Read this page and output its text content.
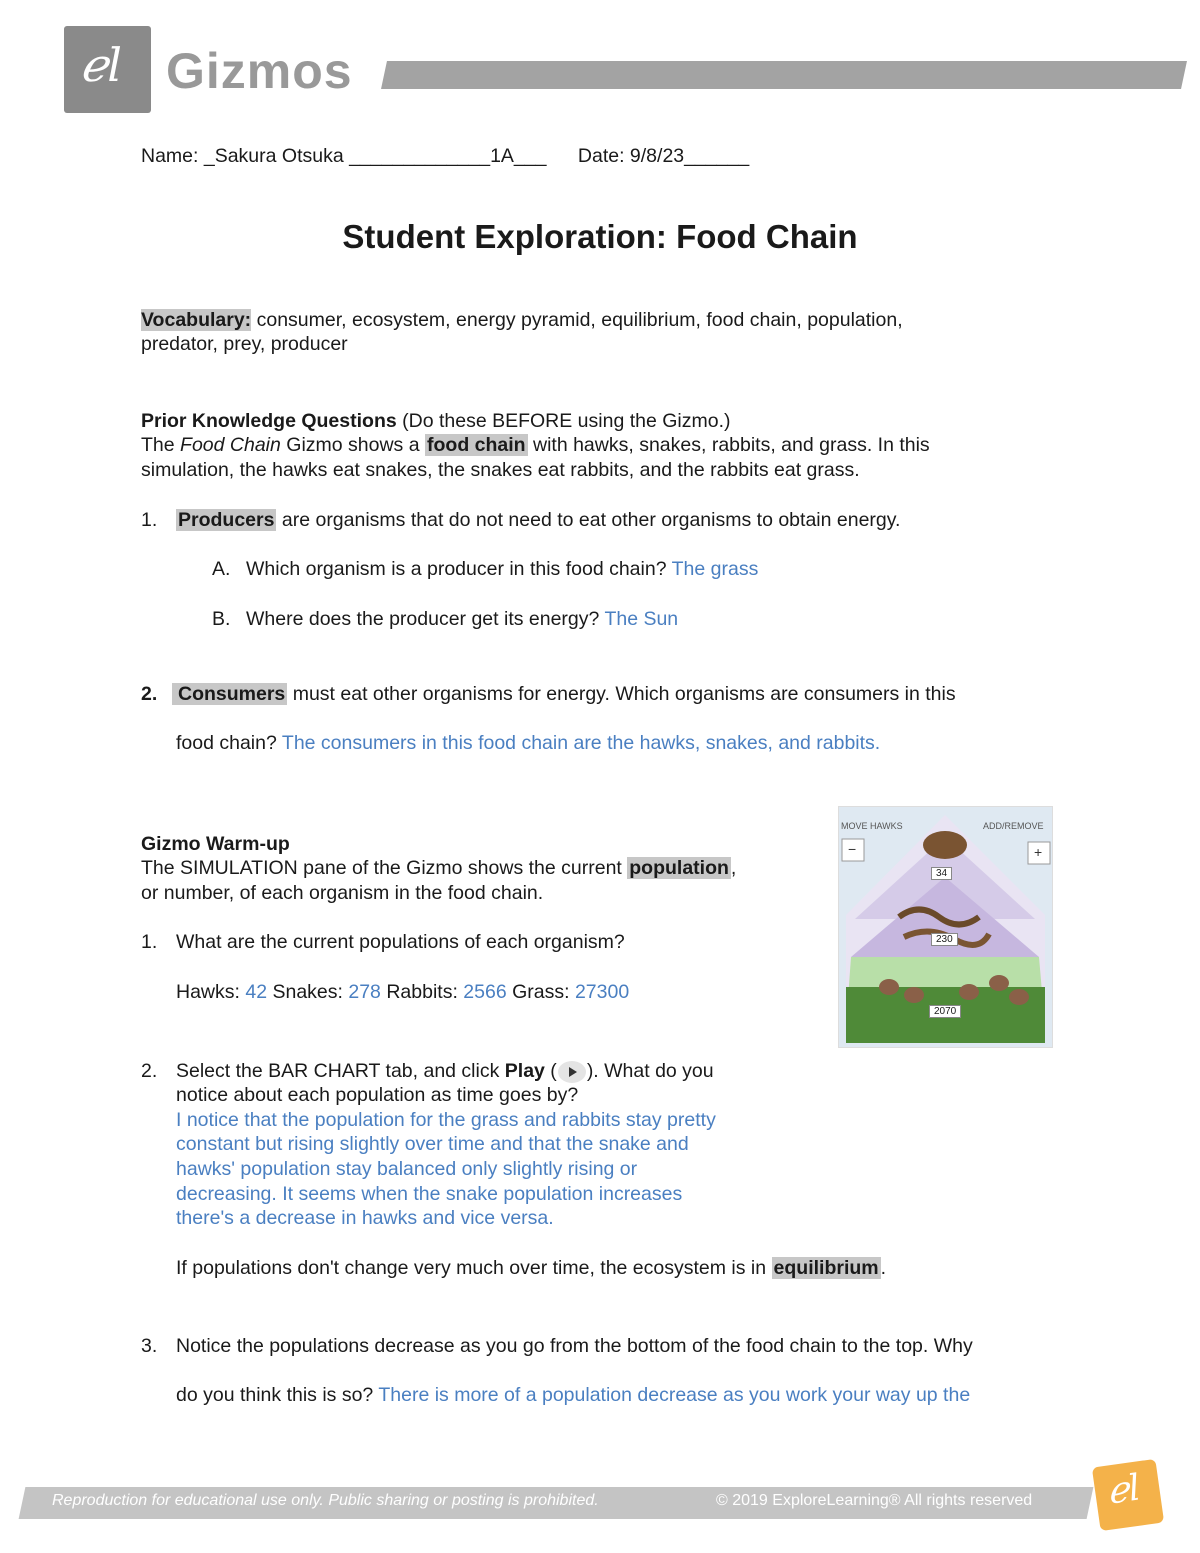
ℯl Gizmos
Name: _Sakura Otsuka _____________1A___ Date: 9/8/23______
Student Exploration: Food Chain
Vocabulary: consumer, ecosystem, energy pyramid, equilibrium, food chain, population,
predator, prey, producer
Prior Knowledge Questions (Do these BEFORE using the Gizmo.)
The Food Chain Gizmo shows a food chain with hawks, snakes, rabbits, and grass. In this
simulation, the hawks eat snakes, the snakes eat rabbits, and the rabbits eat grass.
1. Producers are organisms that do not need to eat other organisms to obtain energy.
A. Which organism is a producer in this food chain? The grass
B. Where does the producer get its energy? The Sun
2.	Consumers must eat other organisms for energy. Which organisms are consumers in this
food chain? The consumers in this food chain are the hawks, snakes, and rabbits.
Gizmo Warm-up
The SIMULATION pane of the Gizmo shows the current population ,
or number, of each organism in the food chain.
1. What are the current populations of each organism?
Hawks: 42 Snakes: 278 Rabbits: 2566 Grass: 27300
2. Select the BAR CHART tab, and click Play ( ). What do you
notice about each population as time goes by?
I notice that the population for the grass and rabbits stay pretty
constant but rising slightly over time and that the snake and
hawks' population stay balanced only slightly rising or
decreasing. It seems when the snake population increases
there's a decrease in hawks and vice versa.
If populations don't change very much over time, the ecosystem is in equilibrium .
3. Notice the populations decrease as you go from the bottom of the food chain to the top. Why
do you think this is so? There is more of a population decrease as you work your way up the
MOVE HAWKS	ADD/REMOVE
−	+
34
230
2070
Reproduction for educational use only. Public sharing or posting is prohibited.	© 2019 ExploreLearning® All rights reserved ℯl
